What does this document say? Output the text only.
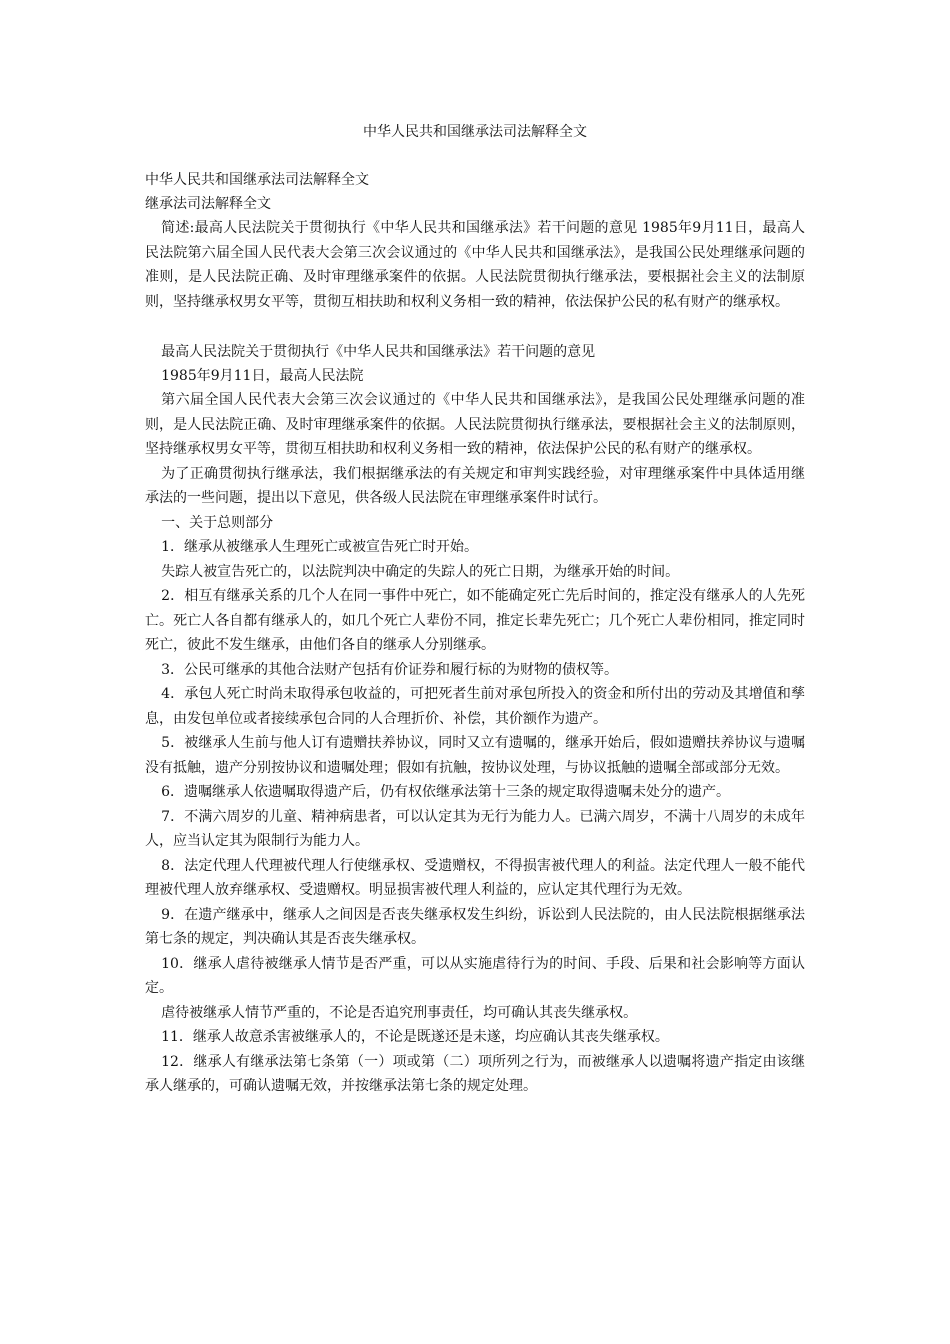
中华人民共和国继承法司法解释全文

中华人民共和国继承法司法解释全文

继承法司法解释全文

简述:最高人民法院关于贯彻执行《中华人民共和国继承法》若干问题的意见 1985年9月11日，最高人民法院第六届全国人民代表大会第三次会议通过的《中华人民共和国继承法》，是我国公民处理继承问题的准则，是人民法院正确、及时审理继承案件的依据。人民法院贯彻执行继承法，要根据社会主义的法制原则，坚持继承权男女平等，贯彻互相扶助和权利义务相一致的精神，依法保护公民的私有财产的继承权。

最高人民法院关于贯彻执行《中华人民共和国继承法》若干问题的意见

1985年9月11日，最高人民法院

第六届全国人民代表大会第三次会议通过的《中华人民共和国继承法》，是我国公民处理继承问题的准则，是人民法院正确、及时审理继承案件的依据。人民法院贯彻执行继承法，要根据社会主义的法制原则，坚持继承权男女平等，贯彻互相扶助和权利义务相一致的精神，依法保护公民的私有财产的继承权。

为了正确贯彻执行继承法，我们根据继承法的有关规定和审判实践经验，对审理继承案件中具体适用继承法的一些问题，提出以下意见，供各级人民法院在审理继承案件时试行。

一、关于总则部分

1．继承从被继承人生理死亡或被宣告死亡时开始。

失踪人被宣告死亡的，以法院判决中确定的失踪人的死亡日期，为继承开始的时间。

2．相互有继承关系的几个人在同一事件中死亡，如不能确定死亡先后时间的，推定没有继承人的人先死亡。死亡人各自都有继承人的，如几个死亡人辈份不同，推定长辈先死亡；几个死亡人辈份相同，推定同时死亡，彼此不发生继承，由他们各自的继承人分别继承。

3．公民可继承的其他合法财产包括有价证券和履行标的为财物的债权等。

4．承包人死亡时尚未取得承包收益的，可把死者生前对承包所投入的资金和所付出的劳动及其增值和孳息，由发包单位或者接续承包合同的人合理折价、补偿，其价额作为遗产。

5．被继承人生前与他人订有遗赠扶养协议，同时又立有遗嘱的，继承开始后，假如遗赠扶养协议与遗嘱没有抵触，遗产分别按协议和遗嘱处理；假如有抗触，按协议处理，与协议抵触的遗嘱全部或部分无效。

6．遗嘱继承人依遗嘱取得遗产后，仍有权依继承法第十三条的规定取得遗嘱未处分的遗产。

7．不满六周岁的儿童、精神病患者，可以认定其为无行为能力人。已满六周岁，不满十八周岁的未成年人，应当认定其为限制行为能力人。

8．法定代理人代理被代理人行使继承权、受遗赠权，不得损害被代理人的利益。法定代理人一般不能代理被代理人放弃继承权、受遗赠权。明显损害被代理人利益的，应认定其代理行为无效。

9．在遗产继承中，继承人之间因是否丧失继承权发生纠纷，诉讼到人民法院的，由人民法院根据继承法第七条的规定，判决确认其是否丧失继承权。

10．继承人虐待被继承人情节是否严重，可以从实施虐待行为的时间、手段、后果和社会影响等方面认定。

虐待被继承人情节严重的，不论是否追究刑事责任，均可确认其丧失继承权。

11．继承人故意杀害被继承人的，不论是既遂还是未遂，均应确认其丧失继承权。

12．继承人有继承法第七条第（一）项或第（二）项所列之行为，而被继承人以遗嘱将遗产指定由该继承人继承的，可确认遗嘱无效，并按继承法第七条的规定处理。
